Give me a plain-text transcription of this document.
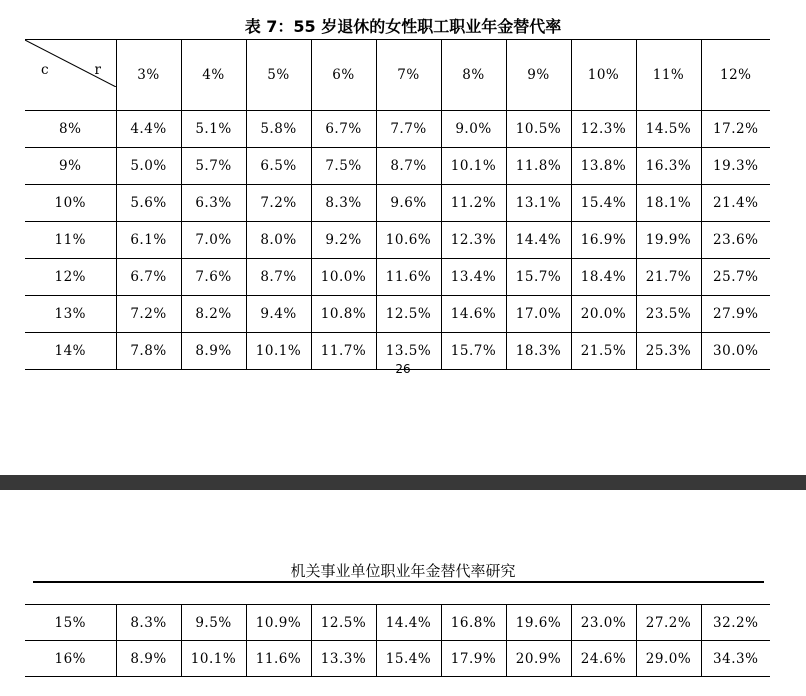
表 7：55 岁退休的女性职工职业年金替代率
c r	3%	4%	5%	6%	7%	8%	9%	10%	11%	12%
8%	4.4%	5.1%	5.8%	6.7%	7.7%	9.0%	10.5%	12.3%	14.5%	17.2%
9%	5.0%	5.7%	6.5%	7.5%	8.7%	10.1%	11.8%	13.8%	16.3%	19.3%
10%	5.6%	6.3%	7.2%	8.3%	9.6%	11.2%	13.1%	15.4%	18.1%	21.4%
11%	6.1%	7.0%	8.0%	9.2%	10.6%	12.3%	14.4%	16.9%	19.9%	23.6%
12%	6.7%	7.6%	8.7%	10.0%	11.6%	13.4%	15.7%	18.4%	21.7%	25.7%
13%	7.2%	8.2%	9.4%	10.8%	12.5%	14.6%	17.0%	20.0%	23.5%	27.9%
14%	7.8%	8.9%	10.1%	11.7%	13.5%	15.7%	18.3%	21.5%	25.3%	30.0%
26
机关事业单位职业年金替代率研究
15%	8.3%	9.5%	10.9%	12.5%	14.4%	16.8%	19.6%	23.0%	27.2%	32.2%
16%	8.9%	10.1%	11.6%	13.3%	15.4%	17.9%	20.9%	24.6%	29.0%	34.3%
